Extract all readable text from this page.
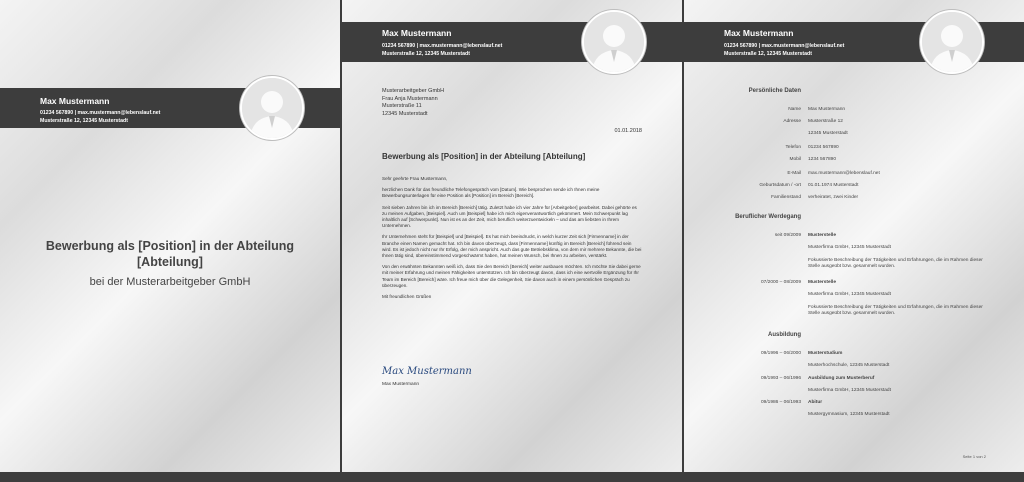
Max Mustermann
01234 567890 | max.mustermann@lebenslauf.net
Musterstraße 12, 12345 Musterstadt
Bewerbung als [Position] in der Abteilung
[Abteilung]
bei der Musterarbeitgeber GmbH
Max Mustermann
01234 567890 | max.mustermann@lebenslauf.net
Musterstraße 12, 12345 Musterstadt
Musterarbeitgeber GmbH
Frau Anja Mustermann
Musterstraße 11
12345 Musterstadt
01.01.2018
Bewerbung als [Position] in der Abteilung [Abteilung]

Sehr geehrte Frau Mustermann,

herzlichen Dank für das freundliche Telefongespräch vom [Datum]. Wie besprochen sende ich Ihnen meine Bewerbungsunterlagen für eine Position als [Position] im Bereich [Bereich].

Seit sieben Jahren bin ich im Bereich [Bereich] tätig. Zuletzt habe ich vier Jahre für [Arbeitgeber] gearbeitet. Dabei gehörte es zu meinen Aufgaben, [Beispiel]. Auch um [Beispiel] habe ich mich eigenverantwortlich gekümmert. Mein Schwerpunkt lag inhaltlich auf [Schwerpunkt]. Nun ist es an der Zeit, mich beruflich weiterzuentwickeln – und das am liebsten in Ihrem Unternehmen.

Ihr Unternehmen steht für [Beispiel] und [Beispiel]. Es hat mich beeindruckt, in welch kurzer Zeit sich [Firmenname] in der Branche einen Namen gemacht hat. Ich bin davon überzeugt, dass [Firmenname] künftig im Bereich [Bereich] führend sein wird. Es ist jedoch nicht nur Ihr Erfolg, der mich anspricht. Auch das gute Betriebsklima, von dem mir mehrere Bekannte, die bei Ihnen tätig sind, übereinstimmend vorgeschwärmt haben, hat meinen Wunsch, bei Ihnen zu arbeiten, verstärkt.

Von den erwähnten Bekannten weiß ich, dass Sie den Bereich [Bereich] weiter ausbauen möchten. Ich möchte Sie dabei gerne mit meiner Erfahrung und meinen Fähigkeiten unterstützen. Ich bin überzeugt davon, dass ich eine wertvolle Ergänzung für Ihr Team im Bereich [Bereich] wäre. Ich freue mich über die Gelegenheit, Sie davon auch in einem persönlichen Gespräch zu überzeugen.

Mit freundlichen Grüßen

Max Mustermann
Max Mustermann
Max Mustermann
01234 567890 | max.mustermann@lebenslauf.net
Musterstraße 12, 12345 Musterstadt
Persönliche Daten
Name Max Mustermann
Adresse Musterstraße 12
12345 Musterstadt
Telefon 01234 567890
Mobil 1234 567890
E-Mail max.mustermann@lebenslauf.net
Geburtsdatum / -ort 01.01.1974 Musterstadt
Familienstand verheiratet, zwei Kinder
Beruflicher Werdegang
seit 09/2009 Musterstelle
Musterfirma GmbH, 12345 Musterstadt
Fokussierte Beschreibung der Tätigkeiten und Erfahrungen, die im Rahmen dieser Stelle ausgeübt bzw. gesammelt wurden.
07/2000 – 08/2009 Musterstelle
Musterfirma GmbH, 12345 Musterstadt
Fokussierte Beschreibung der Tätigkeiten und Erfahrungen, die im Rahmen dieser Stelle ausgeübt bzw. gesammelt wurden.
Ausbildung
09/1996 – 06/2000 Musterstudium
Musterhochschule, 12345 Musterstadt
09/1993 – 06/1996 Ausbildung zum Musterberuf
Musterfirma GmbH, 12345 Musterstadt
09/1986 – 06/1993 Abitur
Mustergymnasium, 12345 Musterstadt
Seite 1 von 2
